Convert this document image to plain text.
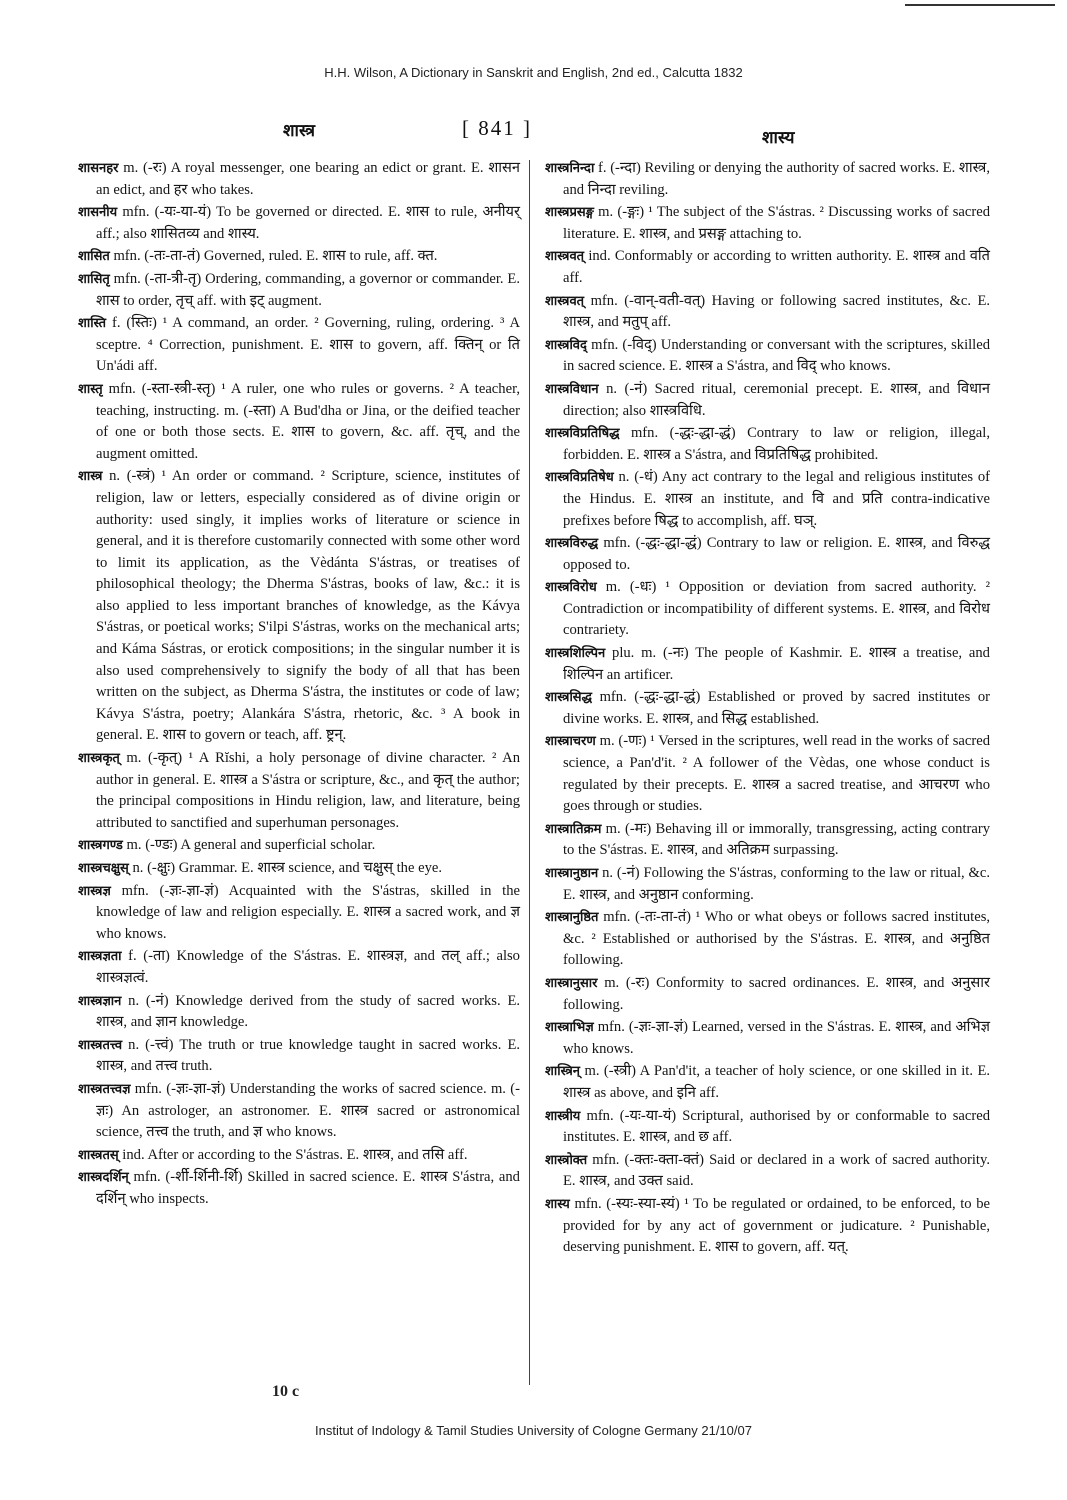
H.H. Wilson, A Dictionary in Sanskrit and English, 2nd ed., Calcutta 1832
शास्त्र	[ 841 ]	शास्य
शासनहर m. (-रः) A royal messenger, one bearing an edict or grant. E. शासन an edict, and हर who takes.
शासनीय mfn. (-यः-या-यं) To be governed or directed. E. शास to rule, अनीयर् aff.; also शासितव्य and शास्य.
शासित mfn. (-तः-ता-तं) Governed, ruled. E. शास to rule, aff. क्त.
शासितृ mfn. (-ता-त्री-तृ) Ordering, commanding, a governor or commander. E. शास to order, तृच् aff. with इट् augment.
शास्ति f. (स्तिः) ¹ A command, an order. ² Governing, ruling, ordering. ³ A sceptre. ⁴ Correction, punishment. E. शास to govern, aff. क्तिन् or ति Un'ádi aff.
शास्तृ mfn. (-स्ता-स्त्री-स्तृ) ¹ A ruler, one who rules or governs. ² A teacher, teaching, instructing. m. (-स्ता) A Bud'dha or Jina, or the deified teacher of one or both those sects. E. शास to govern, &c. aff. तृच्, and the augment omitted.
शास्त्र n. (-स्त्रं) ¹ An order or command. ² Scripture, science, institutes of religion, law or letters, especially considered as of divine origin or authority: used singly, it implies works of literature or science in general, and it is therefore customarily connected with some other word to limit its application, as the Vèdánta S'ástras, or treatises of philosophical theology; the Dherma S'ástras, books of law, &c.: it is also applied to less important branches of knowledge, as the Kávya S'ástras, or poetical works; S'ilpi S'ástras, works on the mechanical arts; and Káma Sástras, or erotick compositions; in the singular number it is also used comprehensively to signify the body of all that has been written on the subject, as Dherma S'ástra, the institutes or code of law; Kávya S'ástra, poetry; Alankára S'ástra, rhetoric, &c. ³ A book in general. E. शास to govern or teach, aff. ष्ट्रन्.
शास्त्रकृत् m. (-कृत्) ¹ A Rĭshi, a holy personage of divine character. ² An author in general. E. शास्त्र a S'ástra or scripture, &c., and कृत् the author; the principal compositions in Hindu religion, law, and literature, being attributed to sanctified and superhuman personages.
शास्त्रगण्ड m. (-ण्डः) A general and superficial scholar.
शास्त्रचक्षुस् n. (-क्षुः) Grammar. E. शास्त्र science, and चक्षुस् the eye.
शास्त्रज्ञ mfn. (-ज्ञः-ज्ञा-ज्ञं) Acquainted with the S'ástras, skilled in the knowledge of law and religion especially. E. शास्त्र a sacred work, and ज्ञ who knows.
शास्त्रज्ञता f. (-ता) Knowledge of the S'ástras. E. शास्त्रज्ञ, and तल् aff.; also शास्त्रज्ञत्वं.
शास्त्रज्ञान n. (-नं) Knowledge derived from the study of sacred works. E. शास्त्र, and ज्ञान knowledge.
शास्त्रतत्त्व n. (-त्त्वं) The truth or true knowledge taught in sacred works. E. शास्त्र, and तत्त्व truth.
शास्त्रतत्त्वज्ञ mfn. (-ज्ञः-ज्ञा-ज्ञं) Understanding the works of sacred science. m. (-ज्ञः) An astrologer, an astronomer. E. शास्त्र sacred or astronomical science, तत्त्व the truth, and ज्ञ who knows.
शास्त्रतस् ind. After or according to the S'ástras. E. शास्त्र, and तसि aff.
शास्त्रदर्शिन् mfn. (-र्शी-र्शिनी-र्शि) Skilled in sacred science. E. शास्त्र S'ástra, and दर्शिन् who inspects.
शास्त्रनिन्दा f. (-न्दा) Reviling or denying the authority of sacred works. E. शास्त्र, and निन्दा reviling.
शास्त्रप्रसङ्ग m. (-ङ्गः) ¹ The subject of the S'ástras. ² Discussing works of sacred literature. E. शास्त्र, and प्रसङ्ग attaching to.
शास्त्रवत् ind. Conformably or according to written authority. E. शास्त्र and वति aff.
शास्त्रवत् mfn. (-वान्-वती-वत्) Having or following sacred institutes, &c. E. शास्त्र, and मतुप् aff.
शास्त्रविद् mfn. (-विद्) Understanding or conversant with the scriptures, skilled in sacred science. E. शास्त्र a S'ástra, and विद् who knows.
शास्त्रविधान n. (-नं) Sacred ritual, ceremonial precept. E. शास्त्र, and विधान direction; also शास्त्रविधि.
शास्त्रविप्रतिषिद्ध mfn. (-द्धः-द्धा-द्धं) Contrary to law or religion, illegal, forbidden. E. शास्त्र a S'ástra, and विप्रतिषिद्ध prohibited.
शास्त्रविप्रतिषेध n. (-धं) Any act contrary to the legal and religious institutes of the Hindus. E. शास्त्र an institute, and वि and प्रति contra-indicative prefixes before षिद्ध to accomplish, aff. घञ्.
शास्त्रविरुद्ध mfn. (-द्धः-द्धा-द्धं) Contrary to law or religion. E. शास्त्र, and विरुद्ध opposed to.
शास्त्रविरोध m. (-धः) ¹ Opposition or deviation from sacred authority. ² Contradiction or incompatibility of different systems. E. शास्त्र, and विरोध contrariety.
शास्त्रशिल्पिन plu. m. (-नः) The people of Kashmir. E. शास्त्र a treatise, and शिल्पिन an artificer.
शास्त्रसिद्ध mfn. (-द्धः-द्धा-द्धं) Established or proved by sacred institutes or divine works. E. शास्त्र, and सिद्ध established.
शास्त्राचरण m. (-णः) ¹ Versed in the scriptures, well read in the works of sacred science, a Pan'd'it. ² A follower of the Vèdas, one whose conduct is regulated by their precepts. E. शास्त्र a sacred treatise, and आचरण who goes through or studies.
शास्त्रातिक्रम m. (-मः) Behaving ill or immorally, transgressing, acting contrary to the S'ástras. E. शास्त्र, and अतिक्रम surpassing.
शास्त्रानुष्ठान n. (-नं) Following the S'ástras, conforming to the law or ritual, &c. E. शास्त्र, and अनुष्ठान conforming.
शास्त्रानुष्ठित mfn. (-तः-ता-तं) ¹ Who or what obeys or follows sacred institutes, &c. ² Established or authorised by the S'ástras. E. शास्त्र, and अनुष्ठित following.
शास्त्रानुसार m. (-रः) Conformity to sacred ordinances. E. शास्त्र, and अनुसार following.
शास्त्राभिज्ञ mfn. (-ज्ञः-ज्ञा-ज्ञं) Learned, versed in the S'ástras. E. शास्त्र, and अभिज्ञ who knows.
शास्त्रिन् m. (-स्त्री) A Pan'd'it, a teacher of holy science, or one skilled in it. E. शास्त्र as above, and इनि aff.
शास्त्रीय mfn. (-यः-या-यं) Scriptural, authorised by or conformable to sacred institutes. E. शास्त्र, and छ aff.
शास्त्रोक्त mfn. (-क्तः-क्ता-क्तं) Said or declared in a work of sacred authority. E. शास्त्र, and उक्त said.
शास्य mfn. (-स्यः-स्या-स्यं) ¹ To be regulated or ordained, to be enforced, to be provided for by any act of government or judicature. ² Punishable, deserving punishment. E. शास to govern, aff. यत्.
10 c
Institut of Indology & Tamil Studies University of Cologne Germany 21/10/07
